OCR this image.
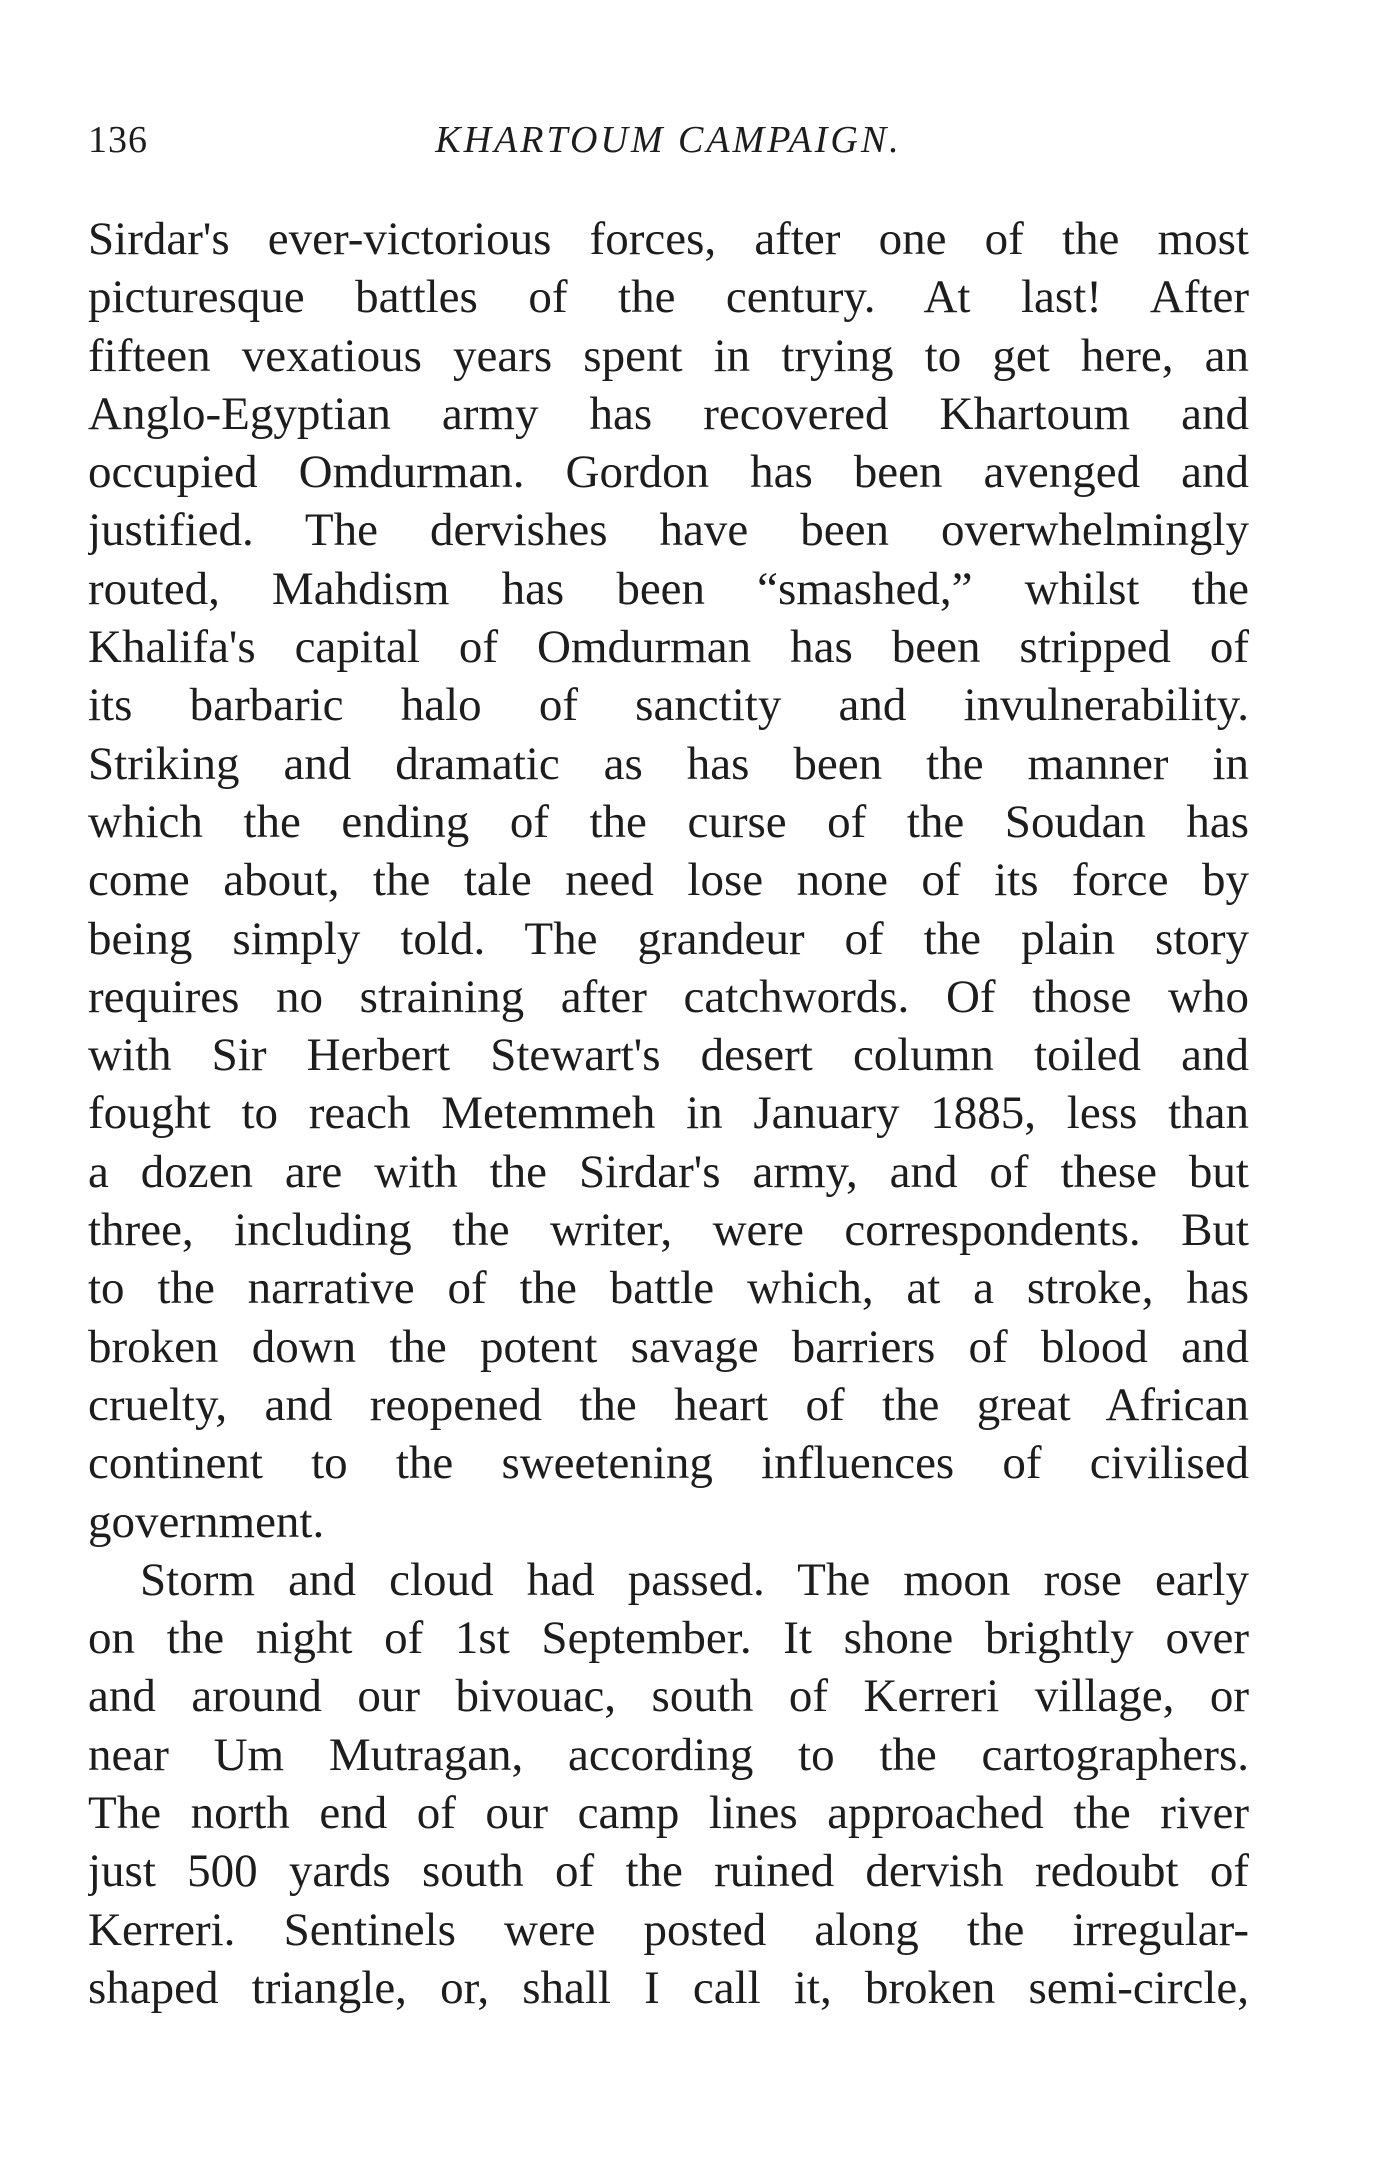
136	KHARTOUM CAMPAIGN.
Sirdar's ever-victorious forces, after one of the most
picturesque battles of the century. At last! After
fifteen vexatious years spent in trying to get here, an
Anglo-Egyptian army has recovered Khartoum and
occupied Omdurman. Gordon has been avenged and
justified. The dervishes have been overwhelmingly
routed, Mahdism has been “smashed,” whilst the
Khalifa's capital of Omdurman has been stripped of
its barbaric halo of sanctity and invulnerability.
Striking and dramatic as has been the manner in
which the ending of the curse of the Soudan has
come about, the tale need lose none of its force by
being simply told. The grandeur of the plain story
requires no straining after catchwords. Of those who
with Sir Herbert Stewart's desert column toiled and
fought to reach Metemmeh in January 1885, less than
a dozen are with the Sirdar's army, and of these but
three, including the writer, were correspondents. But
to the narrative of the battle which, at a stroke, has
broken down the potent savage barriers of blood and
cruelty, and reopened the heart of the great African
continent to the sweetening influences of civilised
government.
Storm and cloud had passed. The moon rose early
on the night of 1st September. It shone brightly over
and around our bivouac, south of Kerreri village, or
near Um Mutragan, according to the cartographers.
The north end of our camp lines approached the river
just 500 yards south of the ruined dervish redoubt of
Kerreri. Sentinels were posted along the irregular-
shaped triangle, or, shall I call it, broken semi-circle,
